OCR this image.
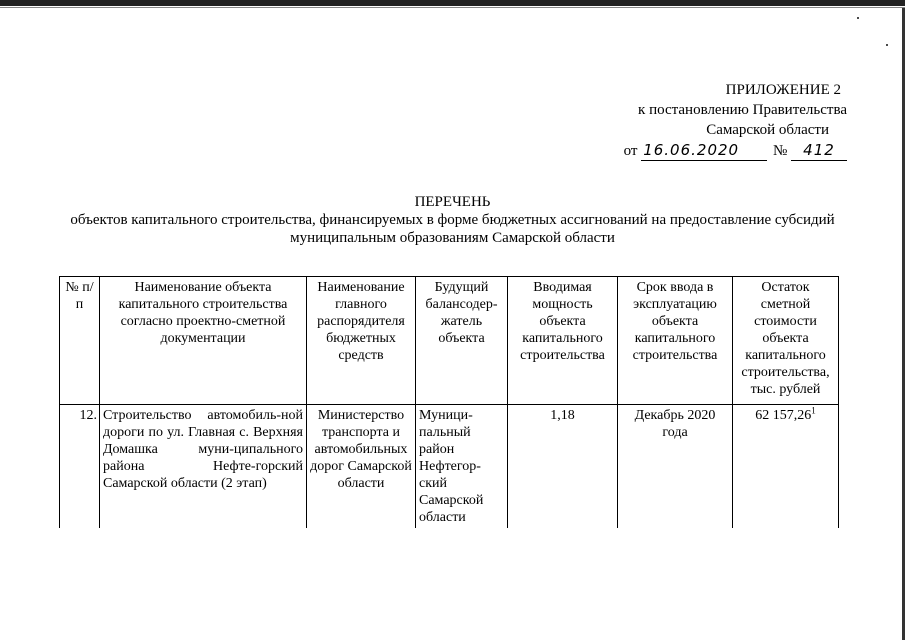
ПРИЛОЖЕНИЕ 2
к постановлению Правительства
Самарской области
от 16.06.2020 № 412
ПЕРЕЧЕНЬ
объектов капитального строительства, финансируемых в форме бюджетных ассигнований на предоставление субсидий
муниципальным образованиям Самарской области
№ п/п	Наименование объекта капитального строительства согласно проектно-сметной документации	Наименование главного распорядителя бюджетных средств	Будущий балансодер-жатель объекта	Вводимая мощность объекта капитального строительства	Срок ввода в эксплуатацию объекта капитального строительства	Остаток сметной стоимости объекта капитального строительства, тыс. рублей
12.	Строительство автомобиль-ной дороги по ул. Главная с. Верхняя Домашка муни-ципального района Нефте-горский Самарской области (2 этап)	Министерство транспорта и автомобильных дорог Самарской области	Муници-пальный район Нефтегор-ский Самарской области	1,18	Декабрь 2020 года	62 157,26$^1$
